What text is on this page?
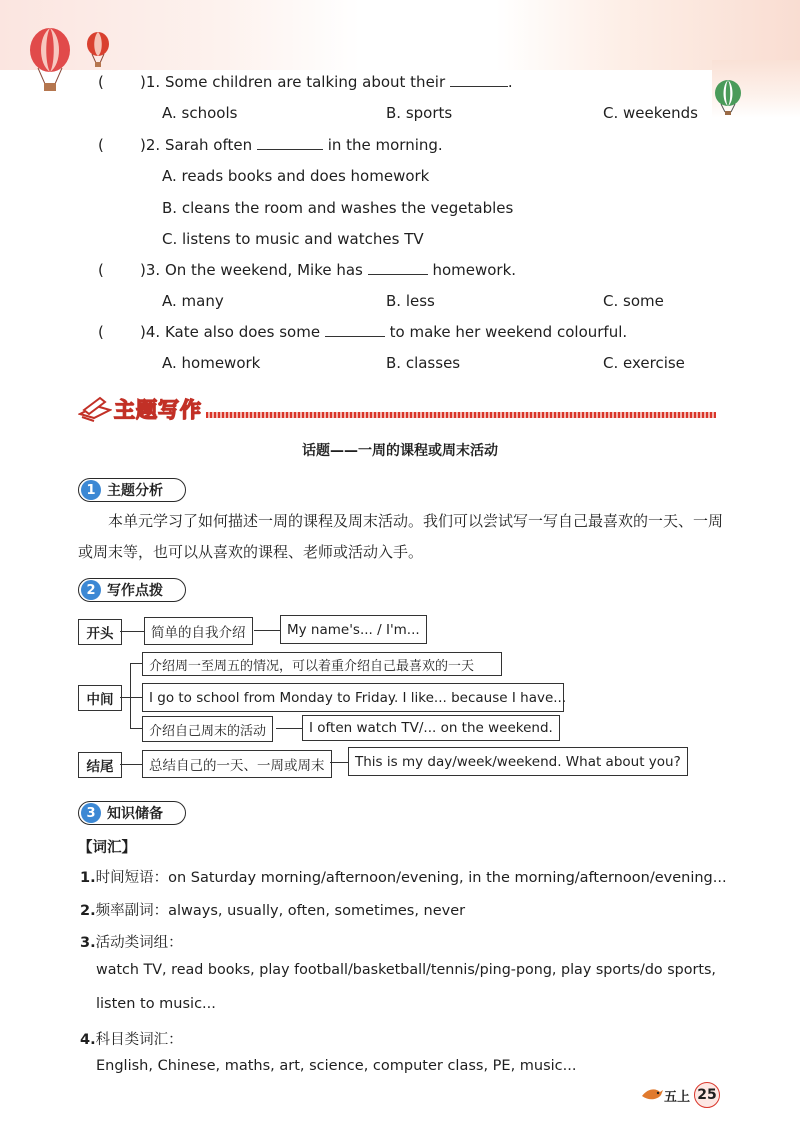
( )1. Some children are talking about their	.
A. schools	B. sports	C. weekends
( )2. Sarah often	in the morning.
A. reads books and does homework
B. cleans the room and washes the vegetables
C. listens to music and watches TV
( )3. On the weekend, Mike has	homework.
A. many	B. less	C. some
( )4. Kate also does some	to make her weekend colourful.
A. homework	B. classes	C. exercise
主题写作
话题——一周的课程或周末活动
1 主题分析
本单元学习了如何描述一周的课程及周末活动。我们可以尝试写一写自己最喜欢的一天、一周或周末等，也可以从喜欢的课程、老师或活动入手。
2 写作点拨
开头	简单的自我介绍	My name's... / I'm...
中间
介绍周一至周五的情况，可以着重介绍自己最喜欢的一天
I go to school from Monday to Friday. I like... because I have...
介绍自己周末的活动	I often watch TV/... on the weekend.
结尾	总结自己的一天、一周或周末	This is my day/week/weekend. What about you?
3 知识储备
【词汇】
1.时间短语：on Saturday morning/afternoon/evening, in the morning/afternoon/evening...
2.频率副词：always, usually, often, sometimes, never
3.活动类词组：
watch TV, read books, play football/basketball/tennis/ping-pong, play sports/do sports,
listen to music...
4.科目类词汇：
English, Chinese, maths, art, science, computer class, PE, music...
五上 25
